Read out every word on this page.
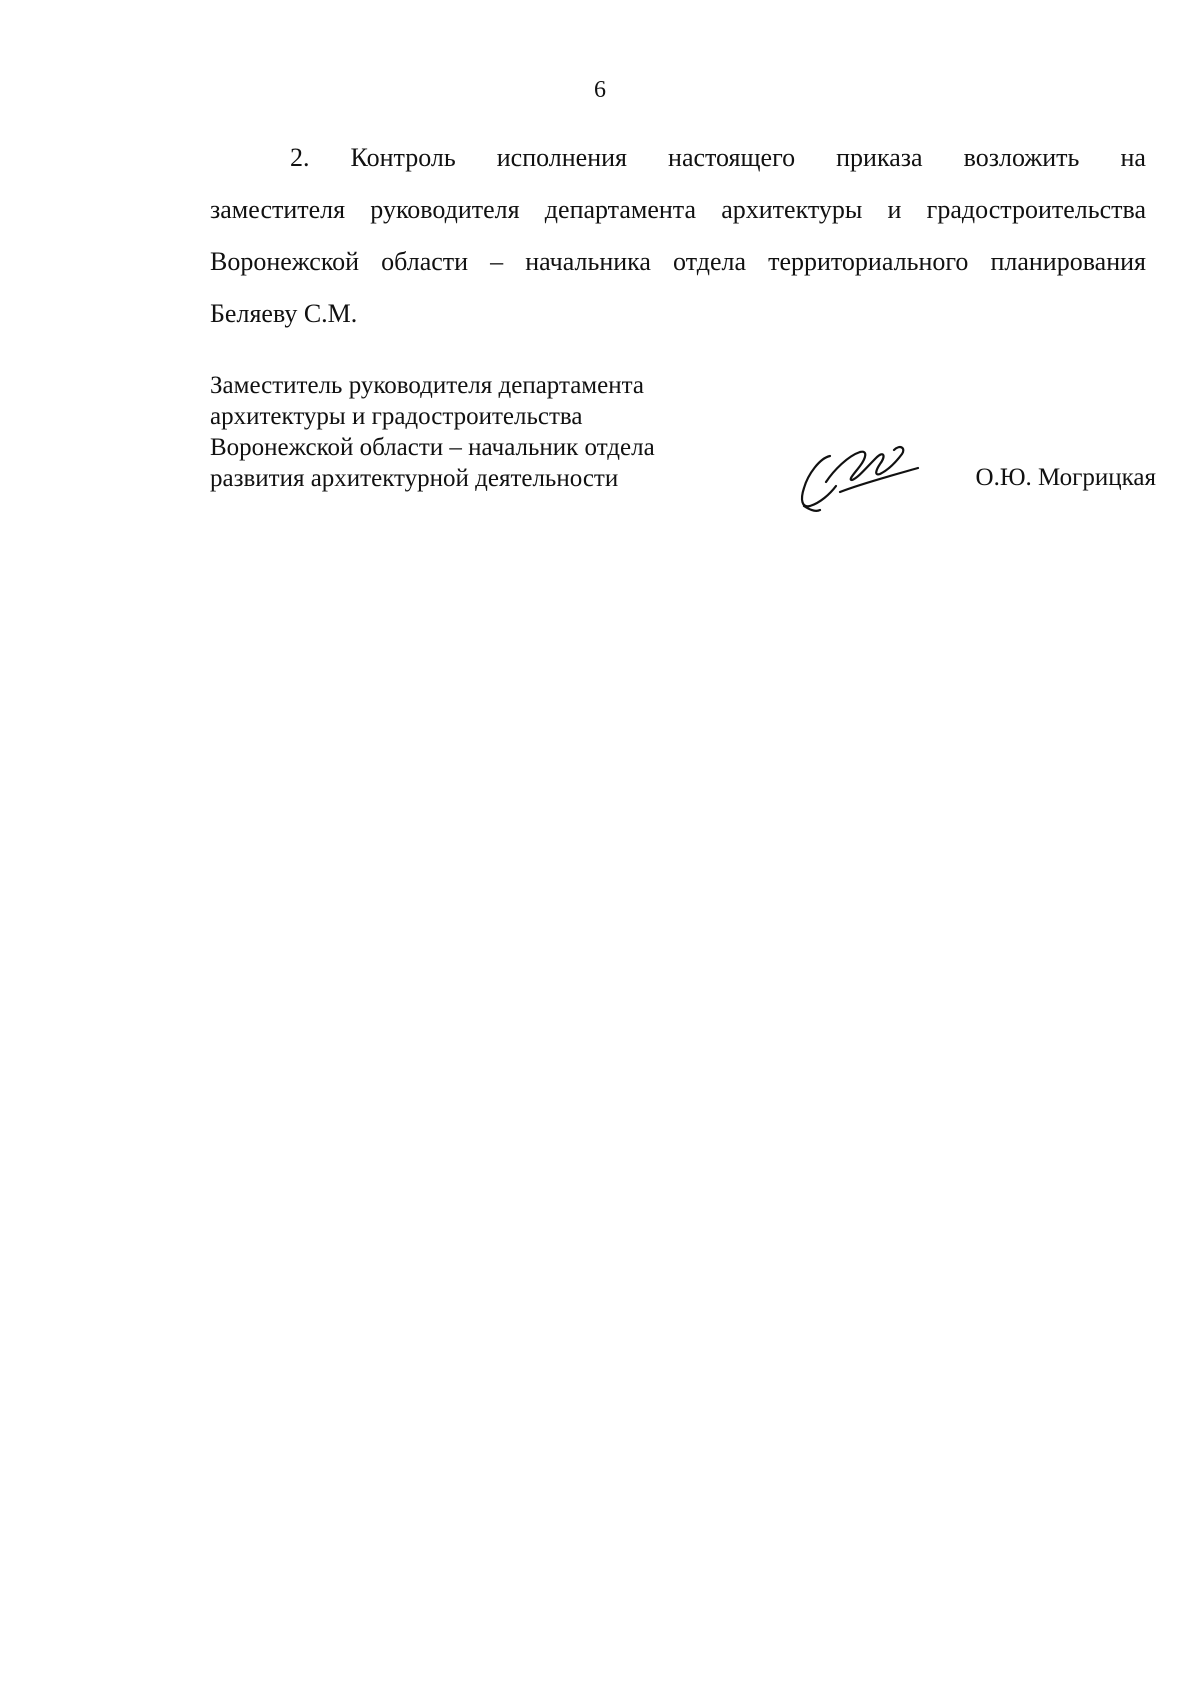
6
2. Контроль исполнения настоящего приказа возложить на
заместителя руководителя департамента архитектуры и градостроительства
Воронежской области – начальника отдела территориального планирования
Беляеву С.М.
Заместитель руководителя департамента
архитектуры и градостроительства
Воронежской области – начальник отдела
развития архитектурной деятельности	О.Ю. Могрицкая
